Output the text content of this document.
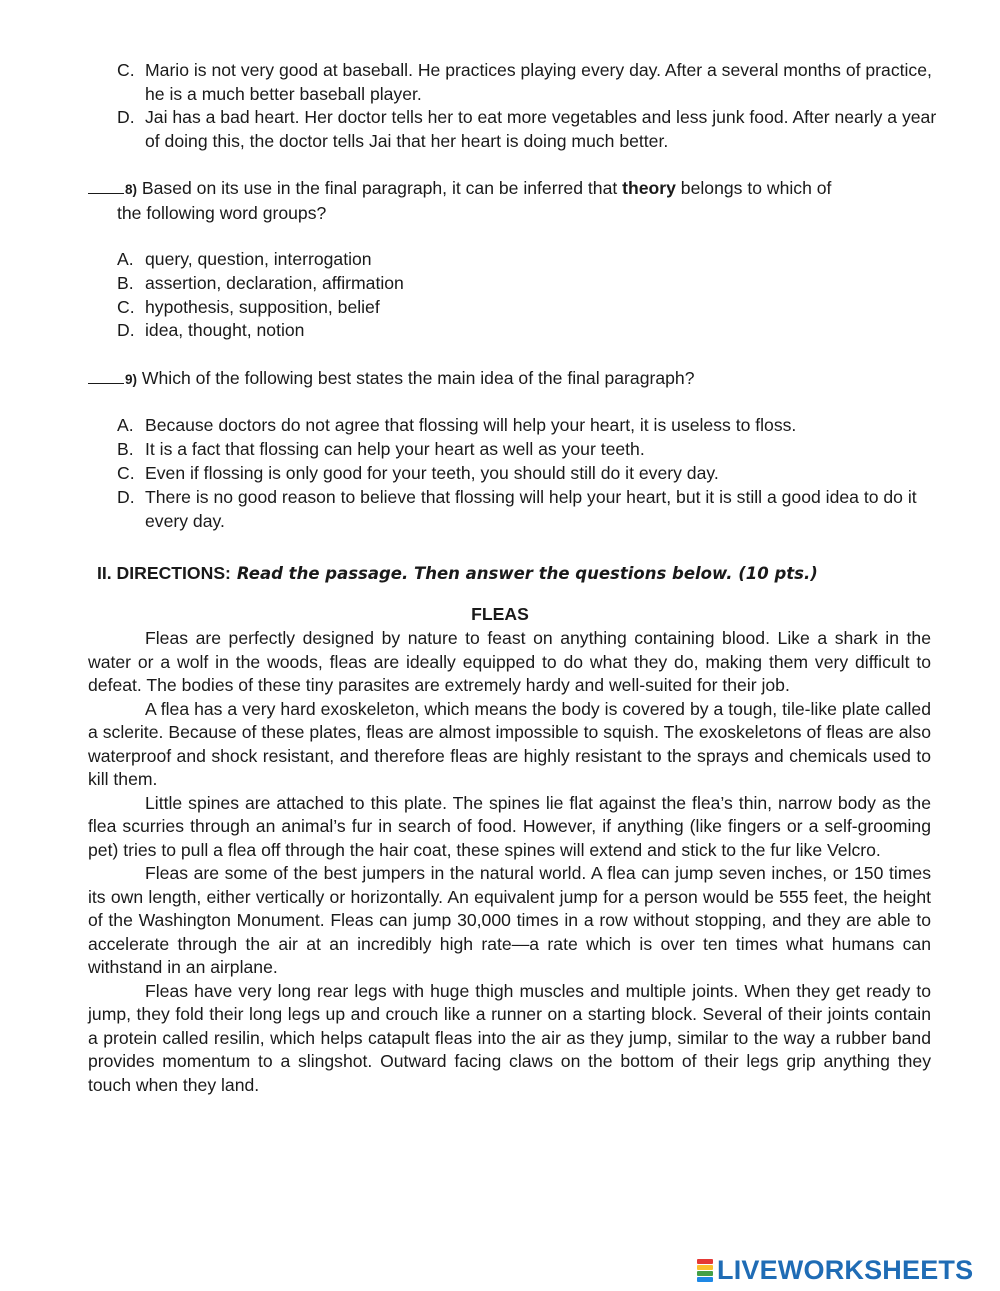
C. Mario is not very good at baseball. He practices playing every day. After a several months of practice, he is a much better baseball player.
D. Jai has a bad heart. Her doctor tells her to eat more vegetables and less junk food. After nearly a year of doing this, the doctor tells Jai that her heart is doing much better.
8) Based on its use in the final paragraph, it can be inferred that theory belongs to which of
the following word groups?
A. query, question, interrogation
B. assertion, declaration, affirmation
C. hypothesis, supposition, belief
D. idea, thought, notion
9) Which of the following best states the main idea of the final paragraph?
A. Because doctors do not agree that flossing will help your heart, it is useless to floss.
B. It is a fact that flossing can help your heart as well as your teeth.
C. Even if flossing is only good for your teeth, you should still do it every day.
D. There is no good reason to believe that flossing will help your heart, but it is still a good idea to do it every day.
II. DIRECTIONS: Read the passage. Then answer the questions below. (10 pts.)
FLEAS

Fleas are perfectly designed by nature to feast on anything containing blood. Like a shark in the water or a wolf in the woods, fleas are ideally equipped to do what they do, making them very difficult to defeat. The bodies of these tiny parasites are extremely hardy and well-suited for their job.

A flea has a very hard exoskeleton, which means the body is covered by a tough, tile-like plate called a sclerite. Because of these plates, fleas are almost impossible to squish. The exoskeletons of fleas are also waterproof and shock resistant, and therefore fleas are highly resistant to the sprays and chemicals used to kill them.

Little spines are attached to this plate. The spines lie flat against the flea’s thin, narrow body as the flea scurries through an animal’s fur in search of food. However, if anything (like fingers or a self-grooming pet) tries to pull a flea off through the hair coat, these spines will extend and stick to the fur like Velcro.

Fleas are some of the best jumpers in the natural world. A flea can jump seven inches, or 150 times its own length, either vertically or horizontally. An equivalent jump for a person would be 555 feet, the height of the Washington Monument. Fleas can jump 30,000 times in a row without stopping, and they are able to accelerate through the air at an incredibly high rate—a rate which is over ten times what humans can withstand in an airplane.

Fleas have very long rear legs with huge thigh muscles and multiple joints. When they get ready to jump, they fold their long legs up and crouch like a runner on a starting block. Several of their joints contain a protein called resilin, which helps catapult fleas into the air as they jump, similar to the way a rubber band provides momentum to a slingshot. Outward facing claws on the bottom of their legs grip anything they touch when they land.

LIVEWORKSHEETS
